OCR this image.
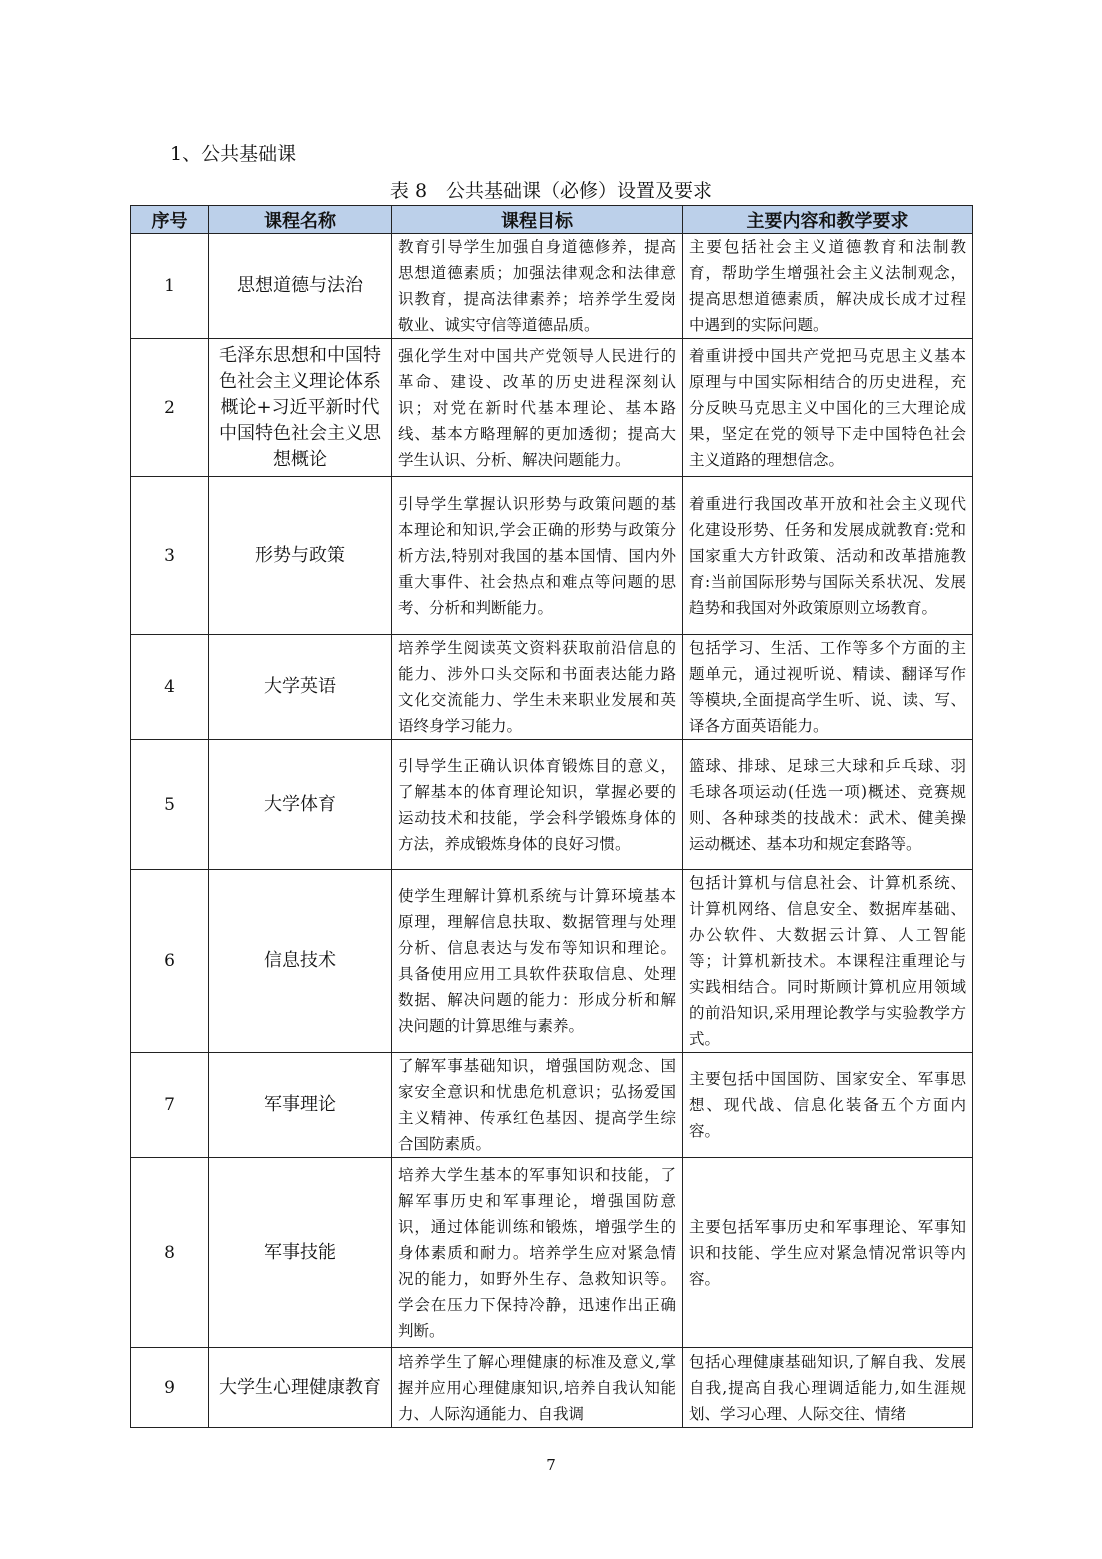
1、公共基础课
表 8　公共基础课（必修）设置及要求
序号	课程名称	课程目标	主要内容和教学要求
1	思想道德与法治	教育引导学生加强自身道德修养，提高思想道德素质；加强法律观念和法律意识教育，提高法律素养；培养学生爱岗敬业、诚实守信等道德品质。	主要包括社会主义道德教育和法制教育，帮助学生增强社会主义法制观念，提高思想道德素质，解决成长成才过程中遇到的实际问题。
2	毛泽东思想和中国特色社会主义理论体系概论+习近平新时代中国特色社会主义思想概论	强化学生对中国共产党领导人民进行的革命、建设、改革的历史进程深刻认识；对党在新时代基本理论、基本路线、基本方略理解的更加透彻；提高大学生认识、分析、解决问题能力。	着重讲授中国共产党把马克思主义基本原理与中国实际相结合的历史进程，充分反映马克思主义中国化的三大理论成果，坚定在党的领导下走中国特色社会主义道路的理想信念。
3	形势与政策	引导学生掌握认识形势与政策问题的基本理论和知识,学会正确的形势与政策分析方法,特别对我国的基本国情、国内外重大事件、社会热点和难点等问题的思考、分析和判断能力。	着重进行我国改革开放和社会主义现代化建设形势、任务和发展成就教育:党和国家重大方针政策、活动和改革措施教育:当前国际形势与国际关系状况、发展趋势和我国对外政策原则立场教育。
4	大学英语	培养学生阅读英文资料获取前沿信息的能力、涉外口头交际和书面表达能力路文化交流能力、学生未来职业发展和英语终身学习能力。	包括学习、生活、工作等多个方面的主题单元，通过视听说、精读、翻译写作等模块,全面提高学生听、说、读、写、译各方面英语能力。
5	大学体育	引导学生正确认识体育锻炼目的意义，了解基本的体育理论知识，掌握必要的运动技术和技能，学会科学锻炼身体的方法，养成锻炼身体的良好习惯。	篮球、排球、足球三大球和乒乓球、羽毛球各项运动(任选一项)概述、竞赛规则、各种球类的技战术：武术、健美操运动概述、基本功和规定套路等。
6	信息技术	使学生理解计算机系统与计算环境基本原理，理解信息扶取、数据管理与处理分析、信息表达与发布等知识和理论。具备使用应用工具软件获取信息、处理数据、解决问题的能力：形成分析和解决问题的计算思维与素养。	包括计算机与信息社会、计算机系统、计算机网络、信息安全、数据库基础、办公软件、大数据云计算、人工智能等；计算机新技术。本课程注重理论与实践相结合。同时斯顾计算机应用领域的前沿知识,采用理论教学与实验教学方式。
7	军事理论	了解军事基础知识，增强国防观念、国家安全意识和忧患危机意识；弘扬爱国主义精神、传承红色基因、提高学生综合国防素质。	主要包括中国国防、国家安全、军事思想、现代战、信息化装备五个方面内容。
8	军事技能	培养大学生基本的军事知识和技能，了解军事历史和军事理论，增强国防意识，通过体能训练和锻炼，增强学生的身体素质和耐力。培养学生应对紧急情况的能力，如野外生存、急救知识等。学会在压力下保持冷静，迅速作出正确判断。	主要包括军事历史和军事理论、军事知识和技能、学生应对紧急情况常识等内容。
9	大学生心理健康教育	培养学生了解心理健康的标准及意义,掌握并应用心理健康知识,培养自我认知能力、人际沟通能力、自我调	包括心理健康基础知识,了解自我、发展自我,提高自我心理调适能力,如生涯规划、学习心理、人际交往、情绪
7
